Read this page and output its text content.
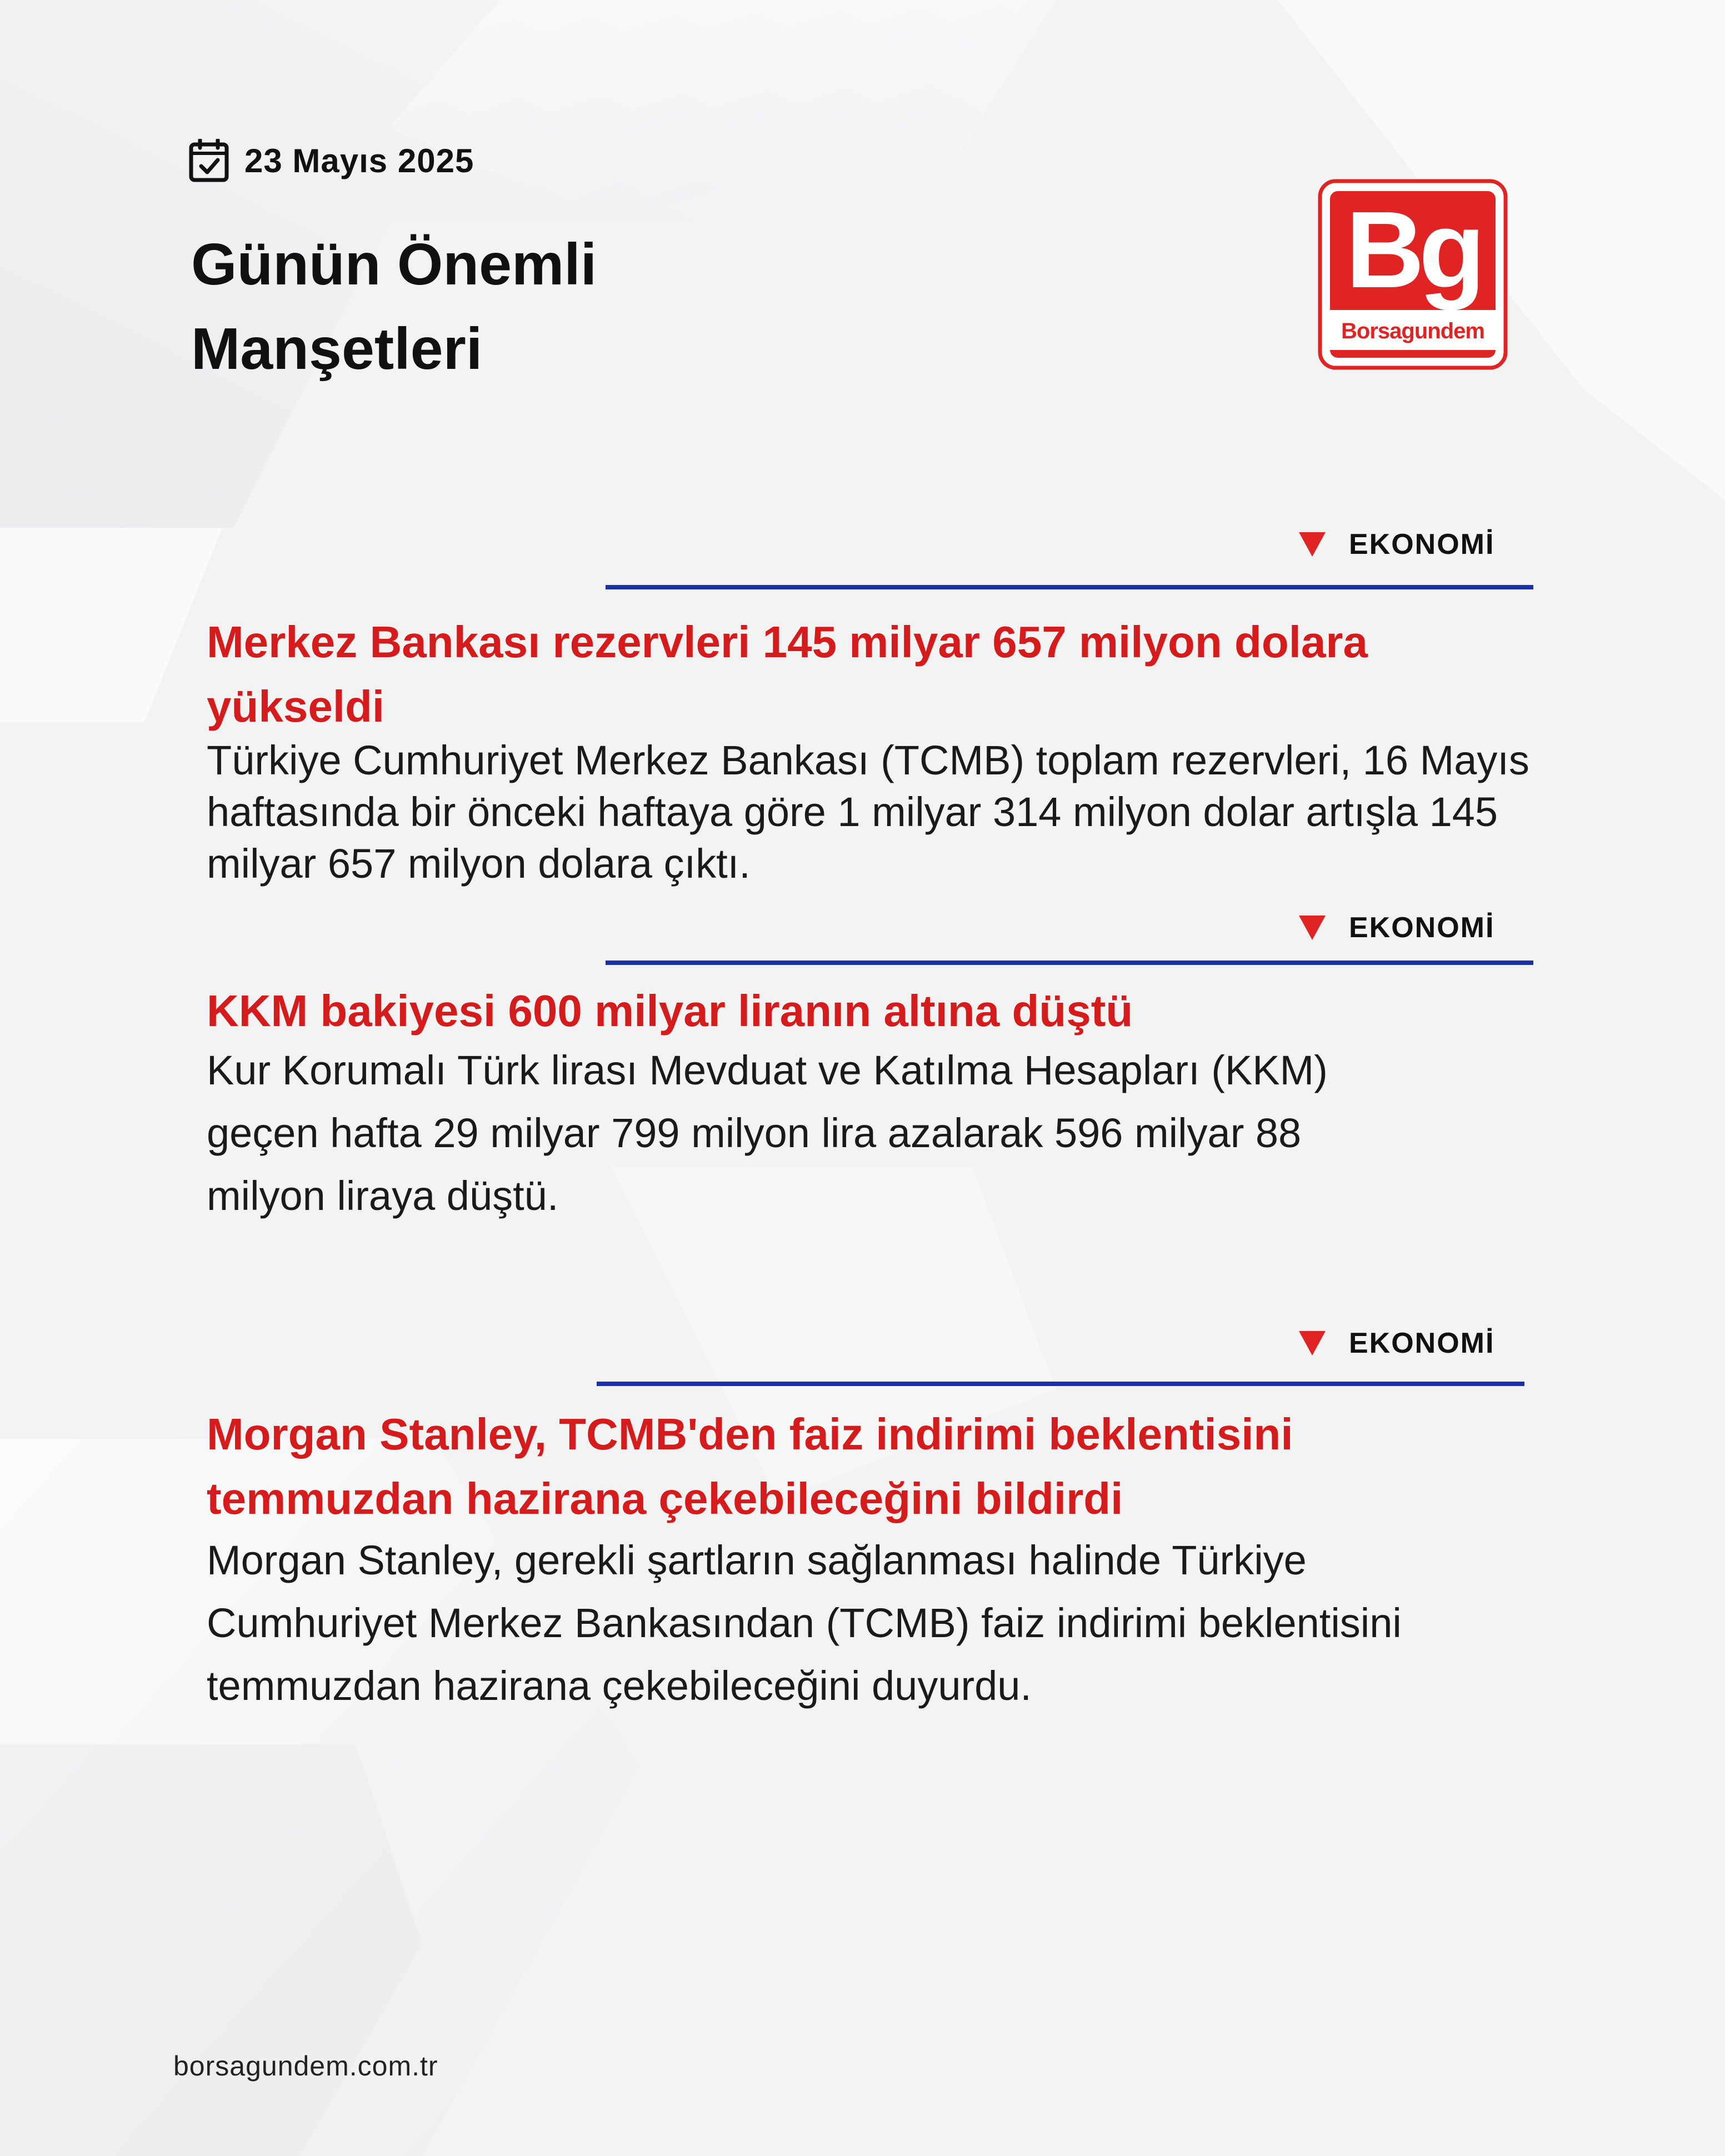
23 Mayıs 2025
Günün Önemli
Manşetleri
Bg
Borsagundem
EKONOMİ
Merkez Bankası rezervleri 145 milyar 657 milyon dolara yükseldi

Türkiye Cumhuriyet Merkez Bankası (TCMB) toplam rezervleri, 16 Mayıs haftasında bir önceki haftaya göre 1 milyar 314 milyon dolar artışla 145 milyar 657 milyon dolara çıktı.

EKONOMİ
KKM bakiyesi 600 milyar liranın altına düştü

Kur Korumalı Türk lirası Mevduat ve Katılma Hesapları (KKM) geçen hafta 29 milyar 799 milyon lira azalarak 596 milyar 88 milyon liraya düştü.

EKONOMİ
Morgan Stanley, TCMB'den faiz indirimi beklentisini temmuzdan hazirana çekebileceğini bildirdi

Morgan Stanley, gerekli şartların sağlanması halinde Türkiye Cumhuriyet Merkez Bankasından (TCMB) faiz indirimi beklentisini temmuzdan hazirana çekebileceğini duyurdu.

borsagundem.com.tr
